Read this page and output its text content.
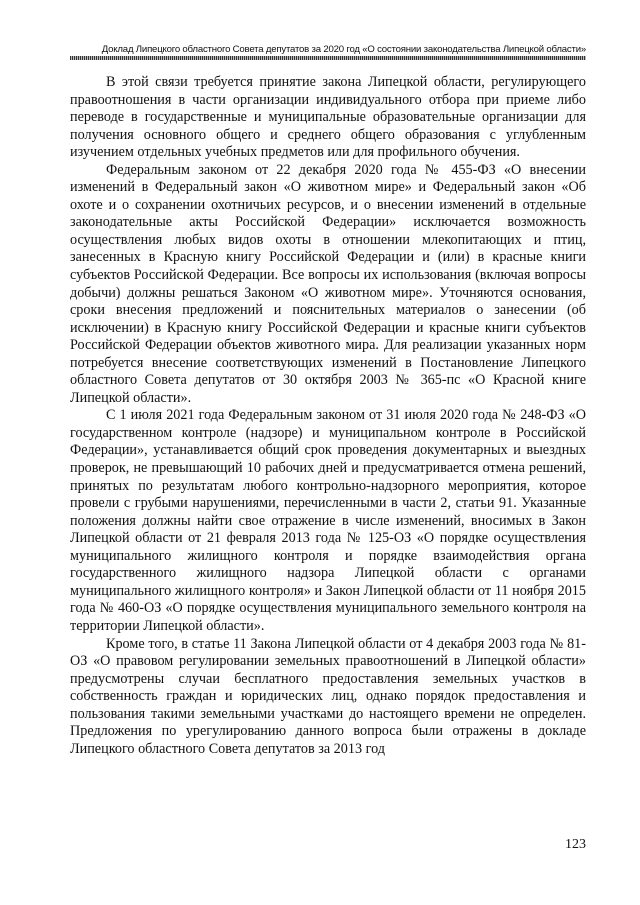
Доклад Липецкого областного Совета депутатов за 2020 год «О состоянии законодательства Липецкой области»

В этой связи требуется принятие закона Липецкой области, регулирующего правоотношения в части организации индивидуального отбора при приеме либо переводе в государственные и муниципальные образовательные организации для получения основного общего и среднего общего образования с углубленным изучением отдельных учебных предметов или для профильного обучения.

Федеральным законом от 22 декабря 2020 года № 455-ФЗ «О внесении изменений в Федеральный закон «О животном мире» и Федеральный закон «Об охоте и о сохранении охотничьих ресурсов, и о внесении изменений в отдельные законодательные акты Российской Федерации» исключается возможность осуществления любых видов охоты в отношении млекопитающих и птиц, занесенных в Красную книгу Российской Федерации и (или) в красные книги субъектов Российской Федерации. Все вопросы их использования (включая вопросы добычи) должны решаться Законом «О животном мире». Уточняются основания, сроки внесения предложений и пояснительных материалов о занесении (об исключении) в Красную книгу Российской Федерации и красные книги субъектов Российской Федерации объектов животного мира. Для реализации указанных норм потребуется внесение соответствующих изменений в Постановление Липецкого областного Совета депутатов от 30 октября 2003 № 365-пс «О Красной книге Липецкой области».

С 1 июля 2021 года Федеральным законом от 31 июля 2020 года № 248-ФЗ «О государственном контроле (надзоре) и муниципальном контроле в Российской Федерации», устанавливается общий срок проведения документарных и выездных проверок, не превышающий 10 рабочих дней и предусматривается отмена решений, принятых по результатам любого контрольно-надзорного мероприятия, которое провели с грубыми нарушениями, перечисленными в части 2, статьи 91. Указанные положения должны найти свое отражение в числе изменений, вносимых в Закон Липецкой области от 21 февраля 2013 года № 125-ОЗ «О порядке осуществления муниципального жилищного контроля и порядке взаимодействия органа государственного жилищного надзора Липецкой области с органами муниципального жилищного контроля» и Закон Липецкой области от 11 ноября 2015 года № 460-ОЗ «О порядке осуществления муниципального земельного контроля на территории Липецкой области».

Кроме того, в статье 11 Закона Липецкой области от 4 декабря 2003 года № 81-ОЗ «О правовом регулировании земельных правоотношений в Липецкой области» предусмотрены случаи бесплатного предоставления земельных участков в собственность граждан и юридических лиц, однако порядок предоставления и пользования такими земельными участками до настоящего времени не определен. Предложения по урегулированию данного вопроса были отражены в докладе Липецкого областного Совета депутатов за 2013 год

123
